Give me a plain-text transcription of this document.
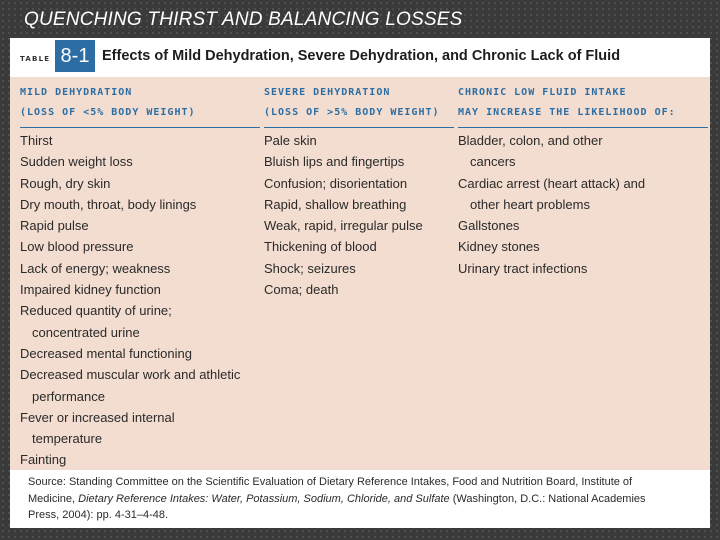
QUENCHING THIRST AND BALANCING LOSSES
TABLE 8-1 Effects of Mild Dehydration, Severe Dehydration, and Chronic Lack of Fluid
MILD DEHYDRATION
(LOSS OF <5% BODY WEIGHT)
Thirst
Sudden weight loss
Rough, dry skin
Dry mouth, throat, body linings
Rapid pulse
Low blood pressure
Lack of energy; weakness
Impaired kidney function
Reduced quantity of urine; concentrated urine
Decreased mental functioning
Decreased muscular work and athletic performance
Fever or increased internal temperature
Fainting
SEVERE DEHYDRATION
(LOSS OF >5% BODY WEIGHT)
Pale skin
Bluish lips and fingertips
Confusion; disorientation
Rapid, shallow breathing
Weak, rapid, irregular pulse
Thickening of blood
Shock; seizures
Coma; death
CHRONIC LOW FLUID INTAKE
MAY INCREASE THE LIKELIHOOD OF:
Bladder, colon, and other cancers
Cardiac arrest (heart attack) and other heart problems
Gallstones
Kidney stones
Urinary tract infections

Source: Standing Committee on the Scientific Evaluation of Dietary Reference Intakes, Food and Nutrition Board, Institute of Medicine, Dietary Reference Intakes: Water, Potassium, Sodium, Chloride, and Sulfate (Washington, D.C.: National Academies Press, 2004): pp. 4-31–4-48.
